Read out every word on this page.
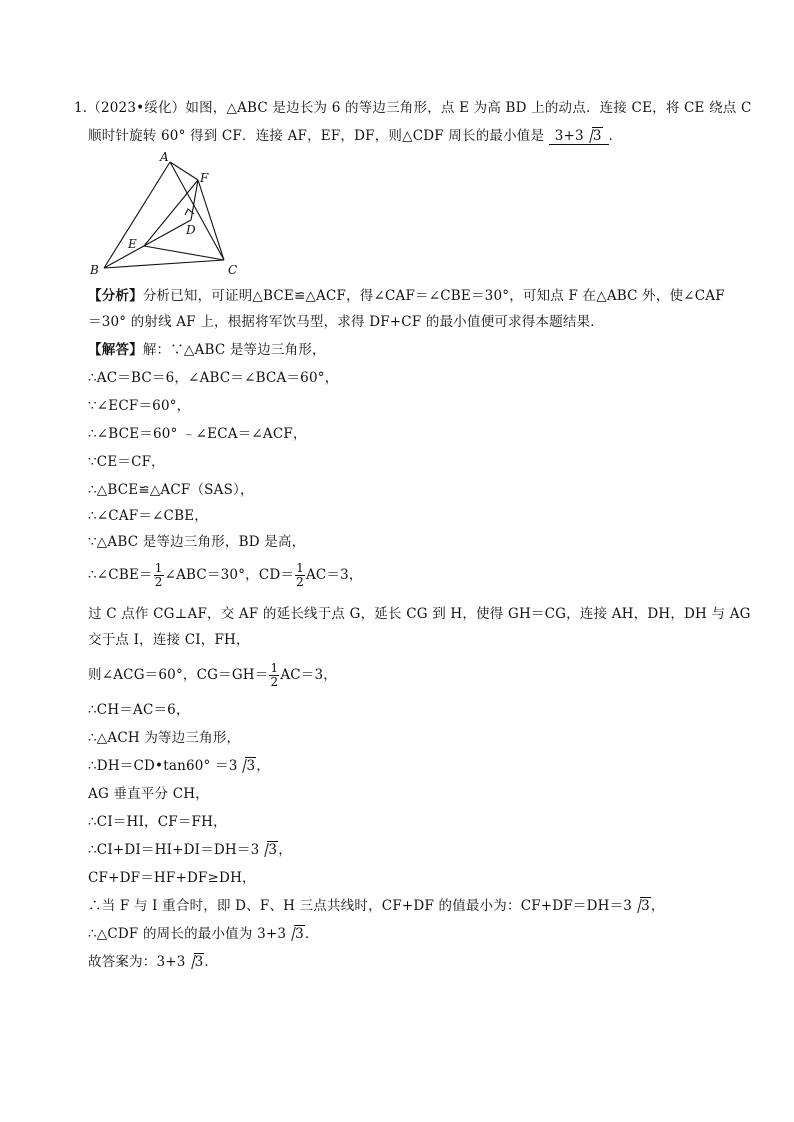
1.（2023•绥化）如图，△ABC 是边长为 6 的等边三角形，点 E 为高 BD 上的动点．连接 CE，将 CE 绕点 C
顺时针旋转 60° 得到 CF．连接 AF，EF，DF，则△CDF 周长的最小值是 3+3 3 ．
A
B	C
D
E
F
【分析】分析已知，可证明△BCE≌△ACF，得∠CAF＝∠CBE＝30°，可知点 F 在△ABC 外，使∠CAF
＝30° 的射线 AF 上，根据将军饮马型，求得 DF+CF 的最小值便可求得本题结果．
【解答】解：∵△ABC 是等边三角形，
∴AC＝BC＝6，∠ABC＝∠BCA＝60°，
∵∠ECF＝60°，
∴∠BCE＝60° ﹣∠ECA＝∠ACF，
∵CE＝CF，
∴△BCE≌△ACF（SAS），
∴∠CAF＝∠CBE，
∵△ABC 是等边三角形，BD 是高，
∴∠CBE＝ $\frac{1}{2}$ ∠ABC＝30°，$CD= \frac{1}{2} AC=3$，
过 C 点作 CG⊥AF，交 AF 的延长线于点 G，延长 CG 到 H，使得 GH＝CG，连接 AH，DH，DH 与 AG
交于点 I，连接 CI，FH，
则∠ACG＝60°，$CG=GH= \frac{1}{2} AC=3$，
∴CH＝AC＝6，
∴△ACH 为等边三角形，
∴DH＝CD•tan60° ＝3 3，
AG 垂直平分 CH，
∴CI＝HI，CF＝FH，
∴CI+DI＝HI+DI＝DH＝3 3，
CF+DF＝HF+DF≥DH，
∴当 F 与 I 重合时，即 D、F、H 三点共线时，CF+DF 的值最小为：CF+DF＝DH＝3 3，
∴△CDF 的周长的最小值为 3+3 3．
故答案为：3+3 3．
